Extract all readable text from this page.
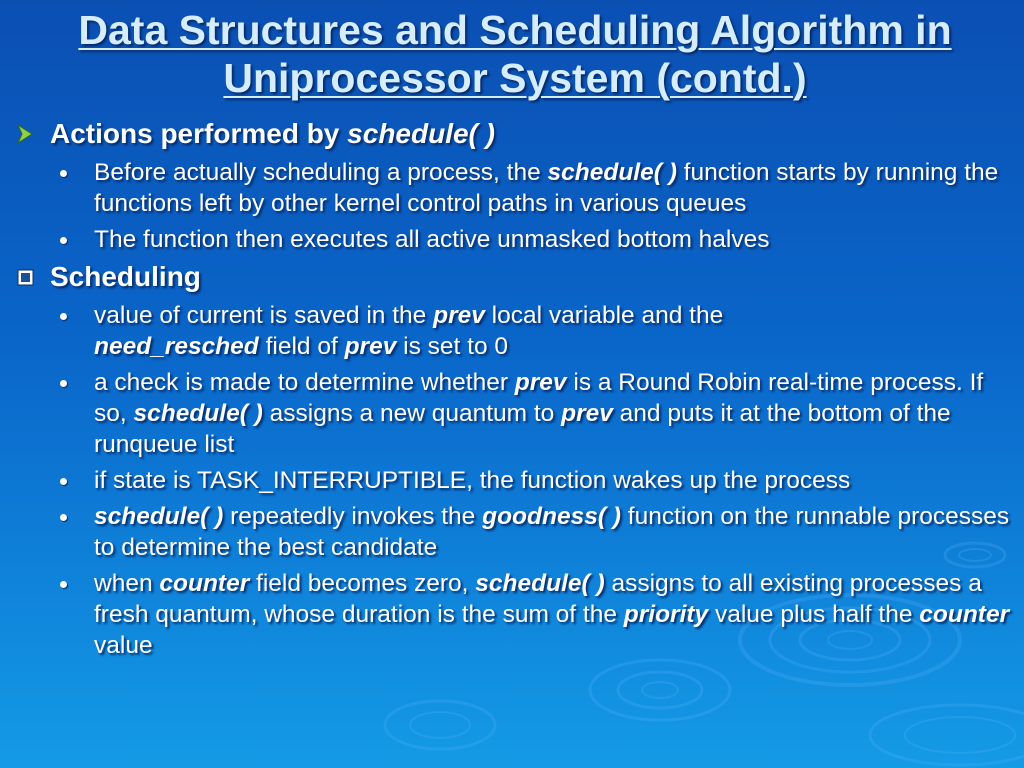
Data Structures and Scheduling Algorithm in
Uniprocessor System (contd.)
Actions performed by schedule( )
Before actually scheduling a process, the schedule( ) function starts by running the functions left by other kernel control paths in various queues
The function then executes all active unmasked bottom halves
Scheduling
value of current is saved in the prev local variable and the
need_resched field of prev is set to 0
a check is made to determine whether prev is a Round Robin real-time process. If so, schedule( ) assigns a new quantum to prev and puts it at the bottom of the runqueue list
if state is TASK_INTERRUPTIBLE, the function wakes up the process
schedule( ) repeatedly invokes the goodness( ) function on the runnable processes to determine the best candidate
when counter field becomes zero, schedule( ) assigns to all existing processes a fresh quantum, whose duration is the sum of the priority value plus half the counter value
